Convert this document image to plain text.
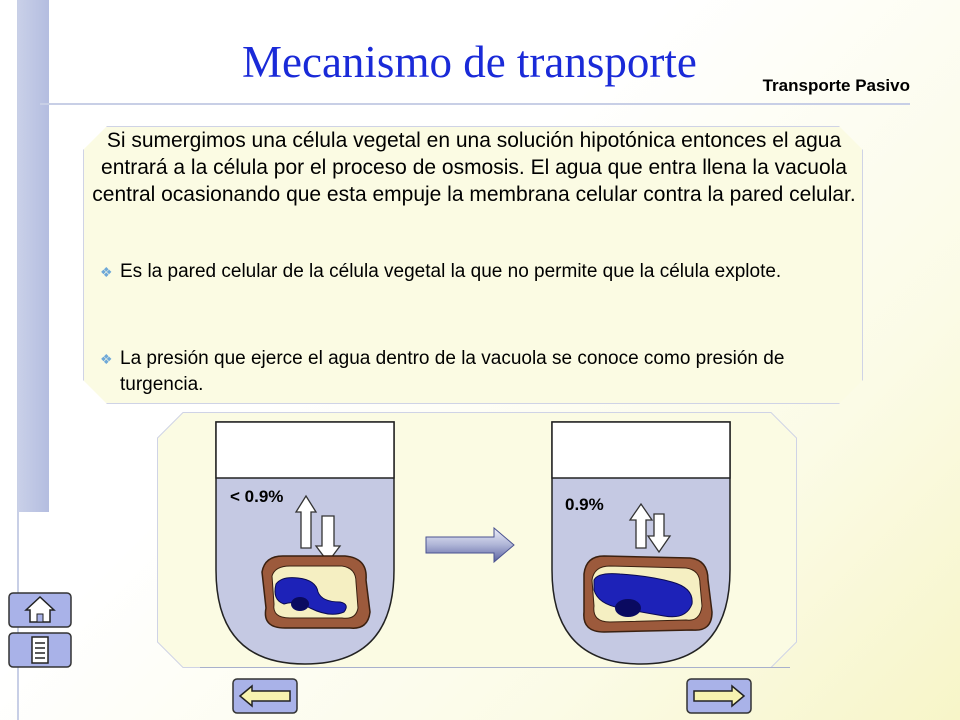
Mecanismo de transporte	Transporte Pasivo

Si sumergimos una célula vegetal en una solución hipotónica entonces el agua entrará a la célula por el proceso de osmosis. El agua que entra llena la vacuola central ocasionando que esta empuje la membrana celular contra la pared celular.

❖ Es la pared celular de la célula vegetal la que no permite que la célula explote.
❖ La presión que ejerce el agua dentro de la vacuola se conoce como presión de turgencia.
< 0.9%	0.9%
